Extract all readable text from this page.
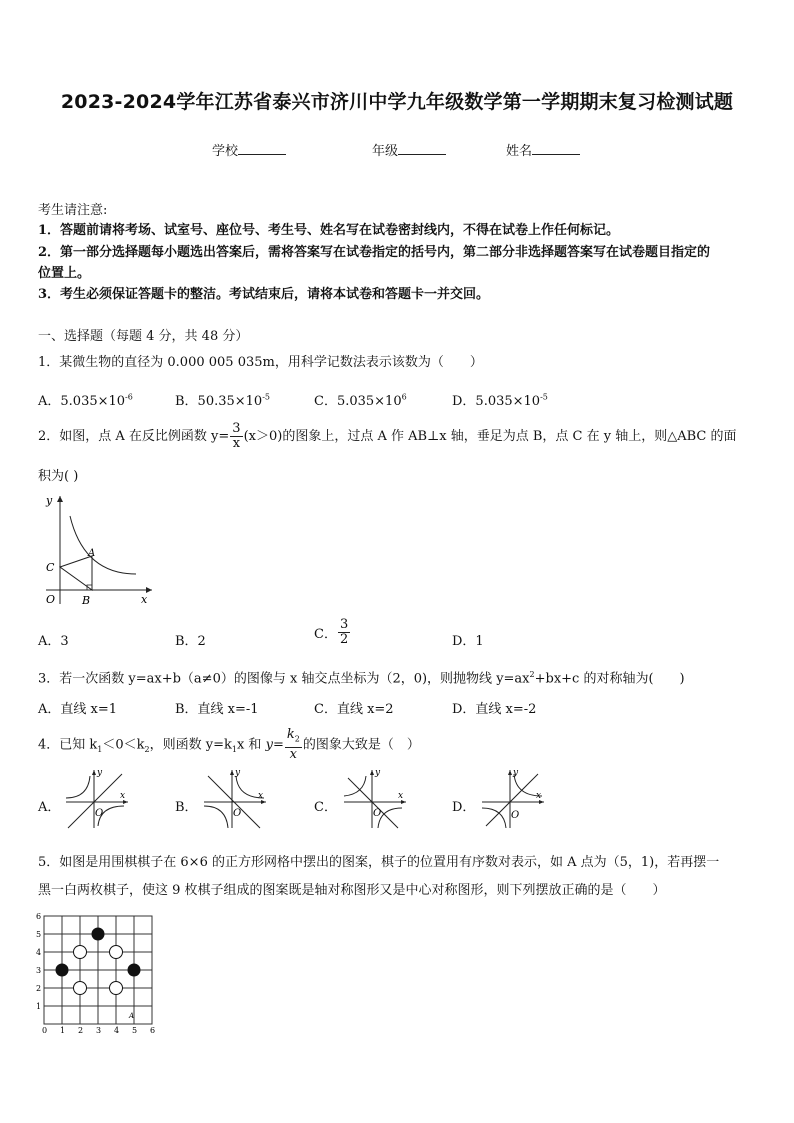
2023-2024学年江苏省泰兴市济川中学九年级数学第一学期期末复习检测试题
学校	年级	姓名
考生请注意:
1．答题前请将考场、试室号、座位号、考生号、姓名写在试卷密封线内，不得在试卷上作任何标记。
2．第一部分选择题每小题选出答案后，需将答案写在试卷指定的括号内，第二部分非选择题答案写在试卷题目指定的
位置上。
3．考生必须保证答题卡的整洁。考试结束后，请将本试卷和答题卡一并交回。
一、选择题（每题 4 分，共 48 分）
1．某微生物的直径为 0.000 005 035m，用科学记数法表示该数为（　　）
A．$5.035\times 10^{-6}$	B．$50.35\times 10^{-5}$	C．$5.035\times 10^6$	D．$5.035\times 10^{-5}$
2．如图，点 A 在反比例函数 $y= \frac{3}{x} (x>0)$的图象上，过点 A 作 AB⊥x 轴，垂足为点 B，点 C 在 y 轴上，则△ABC 的面
积为( )
y
x
O
A
B
C
A．3	B．2	C． $\frac{3}{2}$	D．1
3．若一次函数 y=ax+b（a≠0）的图像与 x 轴交点坐标为（2，0)，则抛物线 $y=ax^2+bx+c$ 的对称轴为(　　)
A．直线 x=1	B．直线 x=-1	C．直线 x=2	D．直线 x=-2
4．已知 $k_1<0<k_2$，则函数 $y=k_1x$ 和 $y= \frac{k_2}{x}$ 的图象大致是（　）
A．	B．	C．	D．
x
y
O
x
y
O
x
y
O
x
y
O
5．如图是用围棋棋子在 6×6 的正方形网格中摆出的图案，棋子的位置用有序数对表示，如 A 点为（5，1)，若再摆一
黑一白两枚棋子，使这 9 枚棋子组成的图案既是轴对称图形又是中心对称图形，则下列摆放正确的是（　　）
0 1 2 3 4 5 6
1
2
3
4
5
6
A
